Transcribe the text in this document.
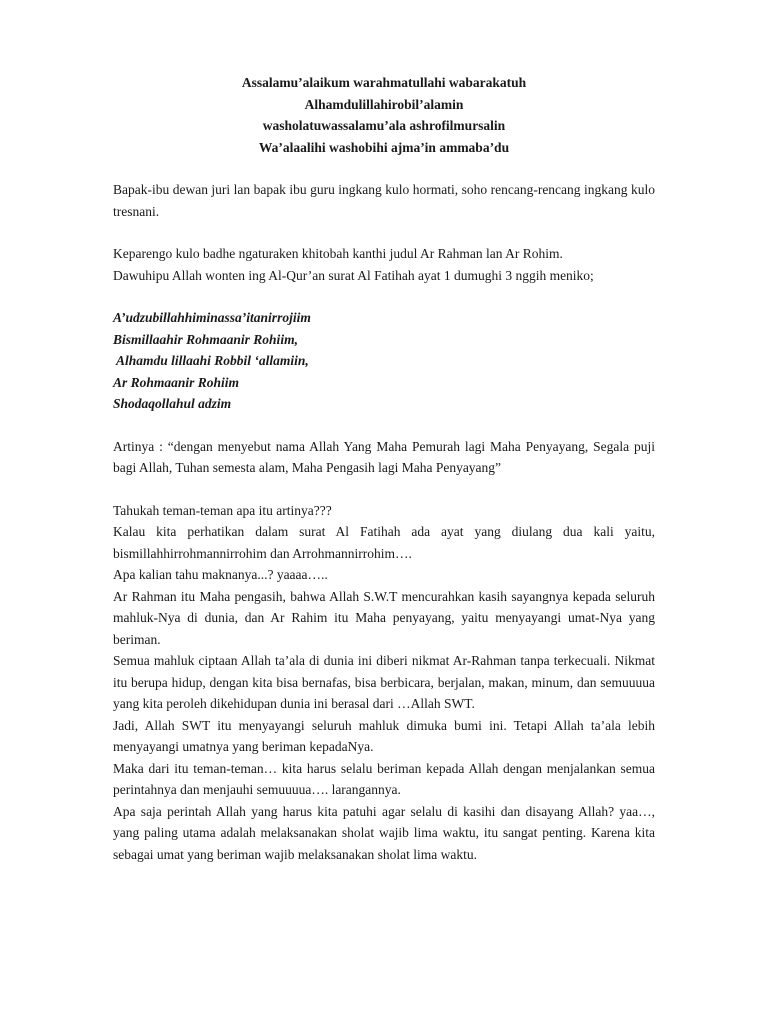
Assalamu’alaikum warahmatullahi wabarakatuh
Alhamdulillahirobil’alamin
washolatuwassalamu’ala ashrofilmursalin
Wa’alaalihi washobihi ajma’in ammaba’du

Bapak-ibu dewan juri lan bapak ibu guru ingkang kulo hormati, soho rencang-rencang ingkang kulo tresnani.

Keparengo kulo badhe ngaturaken khitobah kanthi judul Ar Rahman lan Ar Rohim.

Dawuhipu Allah wonten ing Al-Qur’an surat Al Fatihah ayat 1 dumughi 3 nggih meniko;

A’udzubillahhiminassa’itanirrojiim
Bismillaahir Rohmaanir Rohiim,
Alhamdu lillaahi Robbil ‘allamiin,
Ar Rohmaanir Rohiim
Shodaqollahul adzim

Artinya : “dengan menyebut nama Allah Yang Maha Pemurah lagi Maha Penyayang, Segala puji bagi Allah, Tuhan semesta alam, Maha Pengasih lagi Maha Penyayang”

Tahukah teman-teman apa itu artinya???

Kalau kita perhatikan dalam surat Al Fatihah ada ayat yang diulang dua kali yaitu, bismillahhirrohmannirrohim dan Arrohmannirrohim….

Apa kalian tahu maknanya...? yaaaa…..

Ar Rahman itu Maha pengasih, bahwa Allah S.W.T mencurahkan kasih sayangnya kepada seluruh mahluk-Nya di dunia, dan Ar Rahim itu Maha penyayang, yaitu menyayangi umat-Nya yang beriman.

Semua mahluk ciptaan Allah ta’ala di dunia ini diberi nikmat Ar-Rahman tanpa terkecuali. Nikmat itu berupa hidup, dengan kita bisa bernafas, bisa berbicara, berjalan, makan, minum, dan semuuuua yang kita peroleh dikehidupan dunia ini berasal dari …Allah SWT.

Jadi, Allah SWT itu menyayangi seluruh mahluk dimuka bumi ini. Tetapi Allah ta’ala lebih menyayangi umatnya yang beriman kepadaNya.

Maka dari itu teman-teman… kita harus selalu beriman kepada Allah dengan menjalankan semua perintahnya dan menjauhi semuuuua…. larangannya.

Apa saja perintah Allah yang harus kita patuhi agar selalu di kasihi dan disayang Allah? yaa…, yang paling utama adalah melaksanakan sholat wajib lima waktu, itu sangat penting. Karena kita sebagai umat yang beriman wajib melaksanakan sholat lima waktu.
